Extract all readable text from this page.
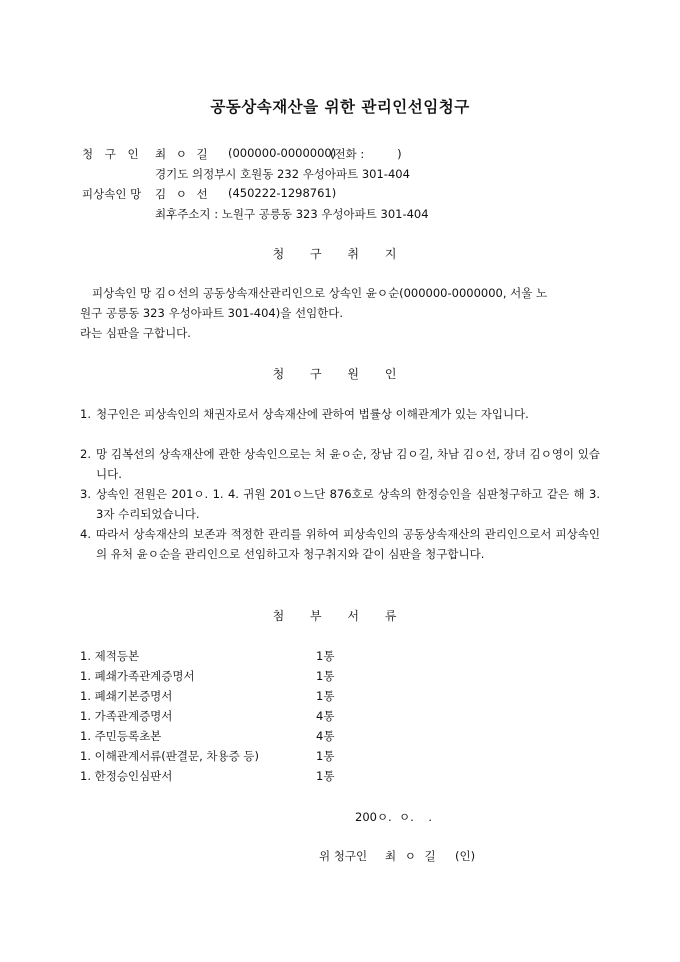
공동상속재산을 위한 관리인선임청구
청 구 인 최 ㅇ 길 (000000-0000000)
(전화 :         )
경기도 의정부시 호원동 232 우성아파트 301-404
피상속인 망 김 ㅇ 선 (450222-1298761)
최후주소지 : 노원구 공릉동 323 우성아파트 301-404
청 구 취 지
피상속인 망 김ㅇ선의 공동상속재산관리인으로 상속인 윤ㅇ순(000000-0000000, 서울 노
원구 공릉동 323 우성아파트 301-404)을 선임한다.
라는 심판을 구합니다.
청 구 원 인
1. 청구인은 피상속인의 채권자로서 상속재산에 관하여 법률상 이해관계가 있는 자입니다.
2. 망 김복선의 상속재산에 관한 상속인으로는 처 윤ㅇ순, 장남 김ㅇ길, 차남 김ㅇ선, 장녀 김ㅇ영이 있습니다.
3. 상속인 전원은 201ㅇ. 1. 4. 귀원 201ㅇ느단 876호로 상속의 한정승인을 심판청구하고 같은 해 3. 3자 수리되었습니다.
4. 따라서 상속재산의 보존과 적정한 관리를 위하여 피상속인의 공동상속재산의 관리인으로서 피상속인의 유처 윤ㅇ순을 관리인으로 선임하고자 청구취지와 같이 심판을 청구합니다.
첨 부 서 류
1. 제적등본	1통
1. 폐쇄가족관계증명서	1통
1. 폐쇄기본증명서	1통
1. 가족관계증명서	4통
1. 주민등록초본	4통
1. 이해관계서류(판결문, 차용증 등)	1통
1. 한정승인심판서	1통
200ㅇ.  ㅇ.    .
위 청구인 최 ㅇ 길 (인)
